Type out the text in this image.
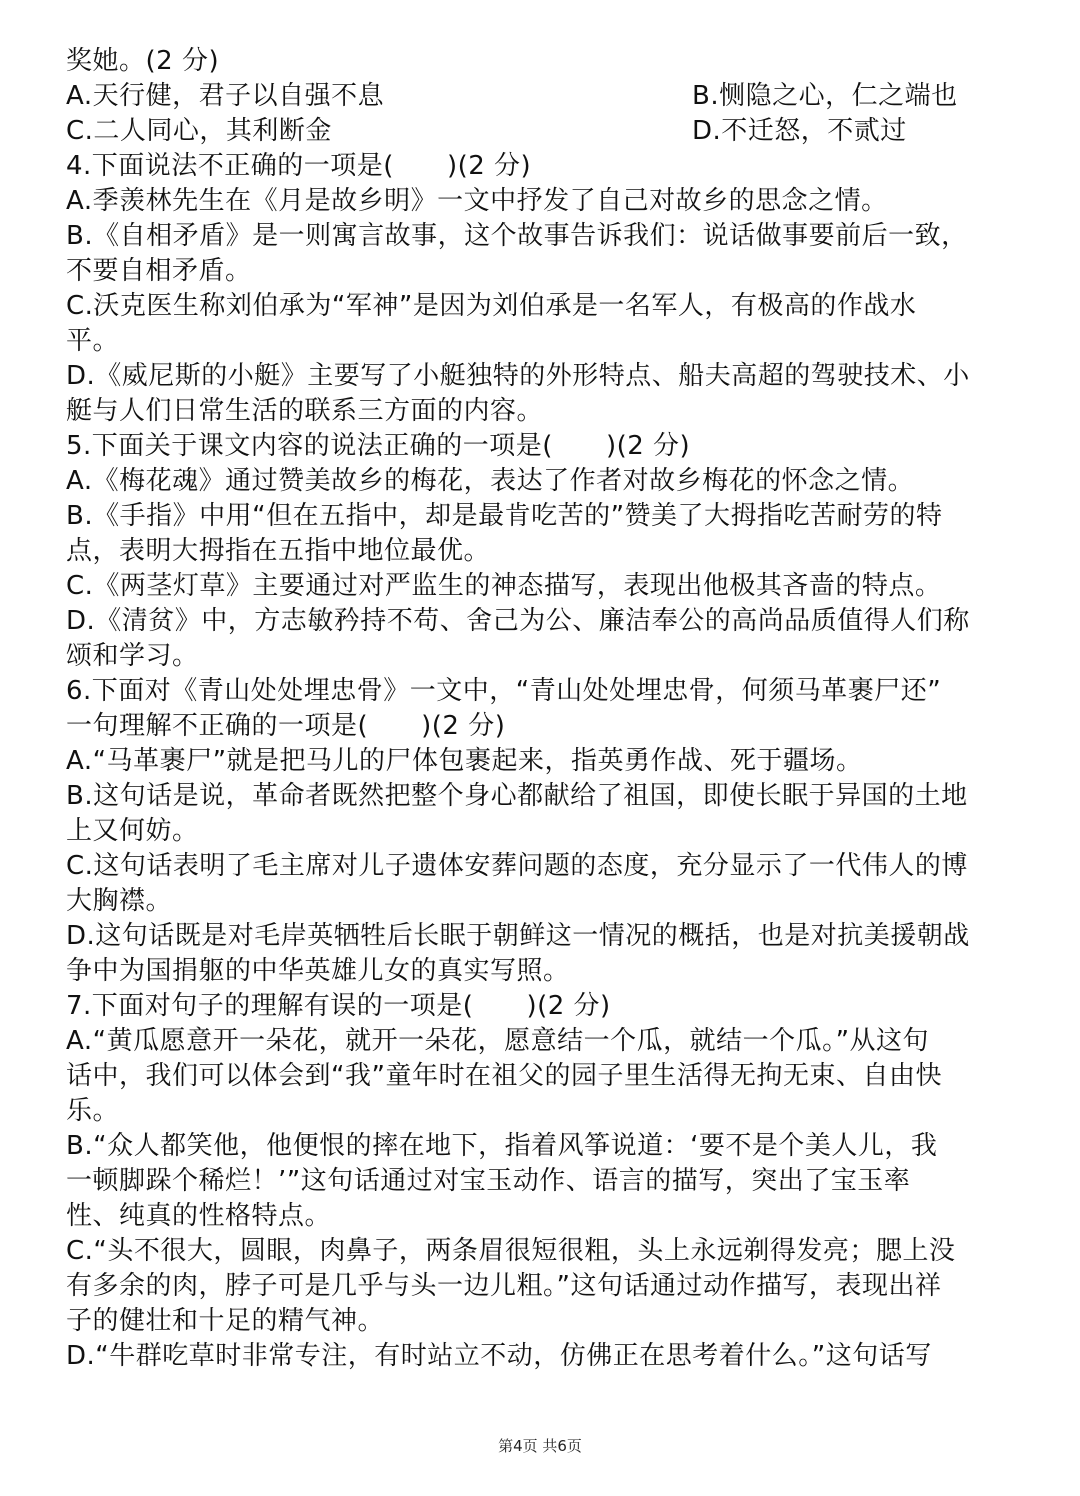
奖她。(2 分)
A.天行健，君子以自强不息	B.恻隐之心，仁之端也
C.二人同心，其利断金	D.不迁怒，不贰过
4.下面说法不正确的一项是(　　)(2 分)
A.季羡林先生在《月是故乡明》一文中抒发了自己对故乡的思念之情。
B.《自相矛盾》是一则寓言故事，这个故事告诉我们：说话做事要前后一致，
不要自相矛盾。
C.沃克医生称刘伯承为“军神”是因为刘伯承是一名军人，有极高的作战水
平。
D.《威尼斯的小艇》主要写了小艇独特的外形特点、船夫高超的驾驶技术、小
艇与人们日常生活的联系三方面的内容。
5.下面关于课文内容的说法正确的一项是(　　)(2 分)
A.《梅花魂》通过赞美故乡的梅花，表达了作者对故乡梅花的怀念之情。
B.《手指》中用“但在五指中，却是最肯吃苦的”赞美了大拇指吃苦耐劳的特
点，表明大拇指在五指中地位最优。
C.《两茎灯草》主要通过对严监生的神态描写，表现出他极其吝啬的特点。
D.《清贫》中，方志敏矜持不苟、舍己为公、廉洁奉公的高尚品质值得人们称
颂和学习。
6.下面对《青山处处埋忠骨》一文中，“青山处处埋忠骨，何须马革裹尸还”
一句理解不正确的一项是(　　)(2 分)
A.“马革裹尸”就是把马儿的尸体包裹起来，指英勇作战、死于疆场。
B.这句话是说，革命者既然把整个身心都献给了祖国，即使长眠于异国的土地
上又何妨。
C.这句话表明了毛主席对儿子遗体安葬问题的态度，充分显示了一代伟人的博
大胸襟。
D.这句话既是对毛岸英牺牲后长眠于朝鲜这一情况的概括，也是对抗美援朝战
争中为国捐躯的中华英雄儿女的真实写照。
7.下面对句子的理解有误的一项是(　　)(2 分)
A.“黄瓜愿意开一朵花，就开一朵花，愿意结一个瓜，就结一个瓜。”从这句
话中，我们可以体会到“我”童年时在祖父的园子里生活得无拘无束、自由快
乐。
B.“众人都笑他，他便恨的摔在地下，指着风筝说道：‘要不是个美人儿，我
一顿脚跺个稀烂！’”这句话通过对宝玉动作、语言的描写，突出了宝玉率
性、纯真的性格特点。
C.“头不很大，圆眼，肉鼻子，两条眉很短很粗，头上永远剃得发亮；腮上没
有多余的肉，脖子可是几乎与头一边儿粗。”这句话通过动作描写，表现出祥
子的健壮和十足的精气神。
D.“牛群吃草时非常专注，有时站立不动，仿佛正在思考着什么。”这句话写
第4页 共6页
